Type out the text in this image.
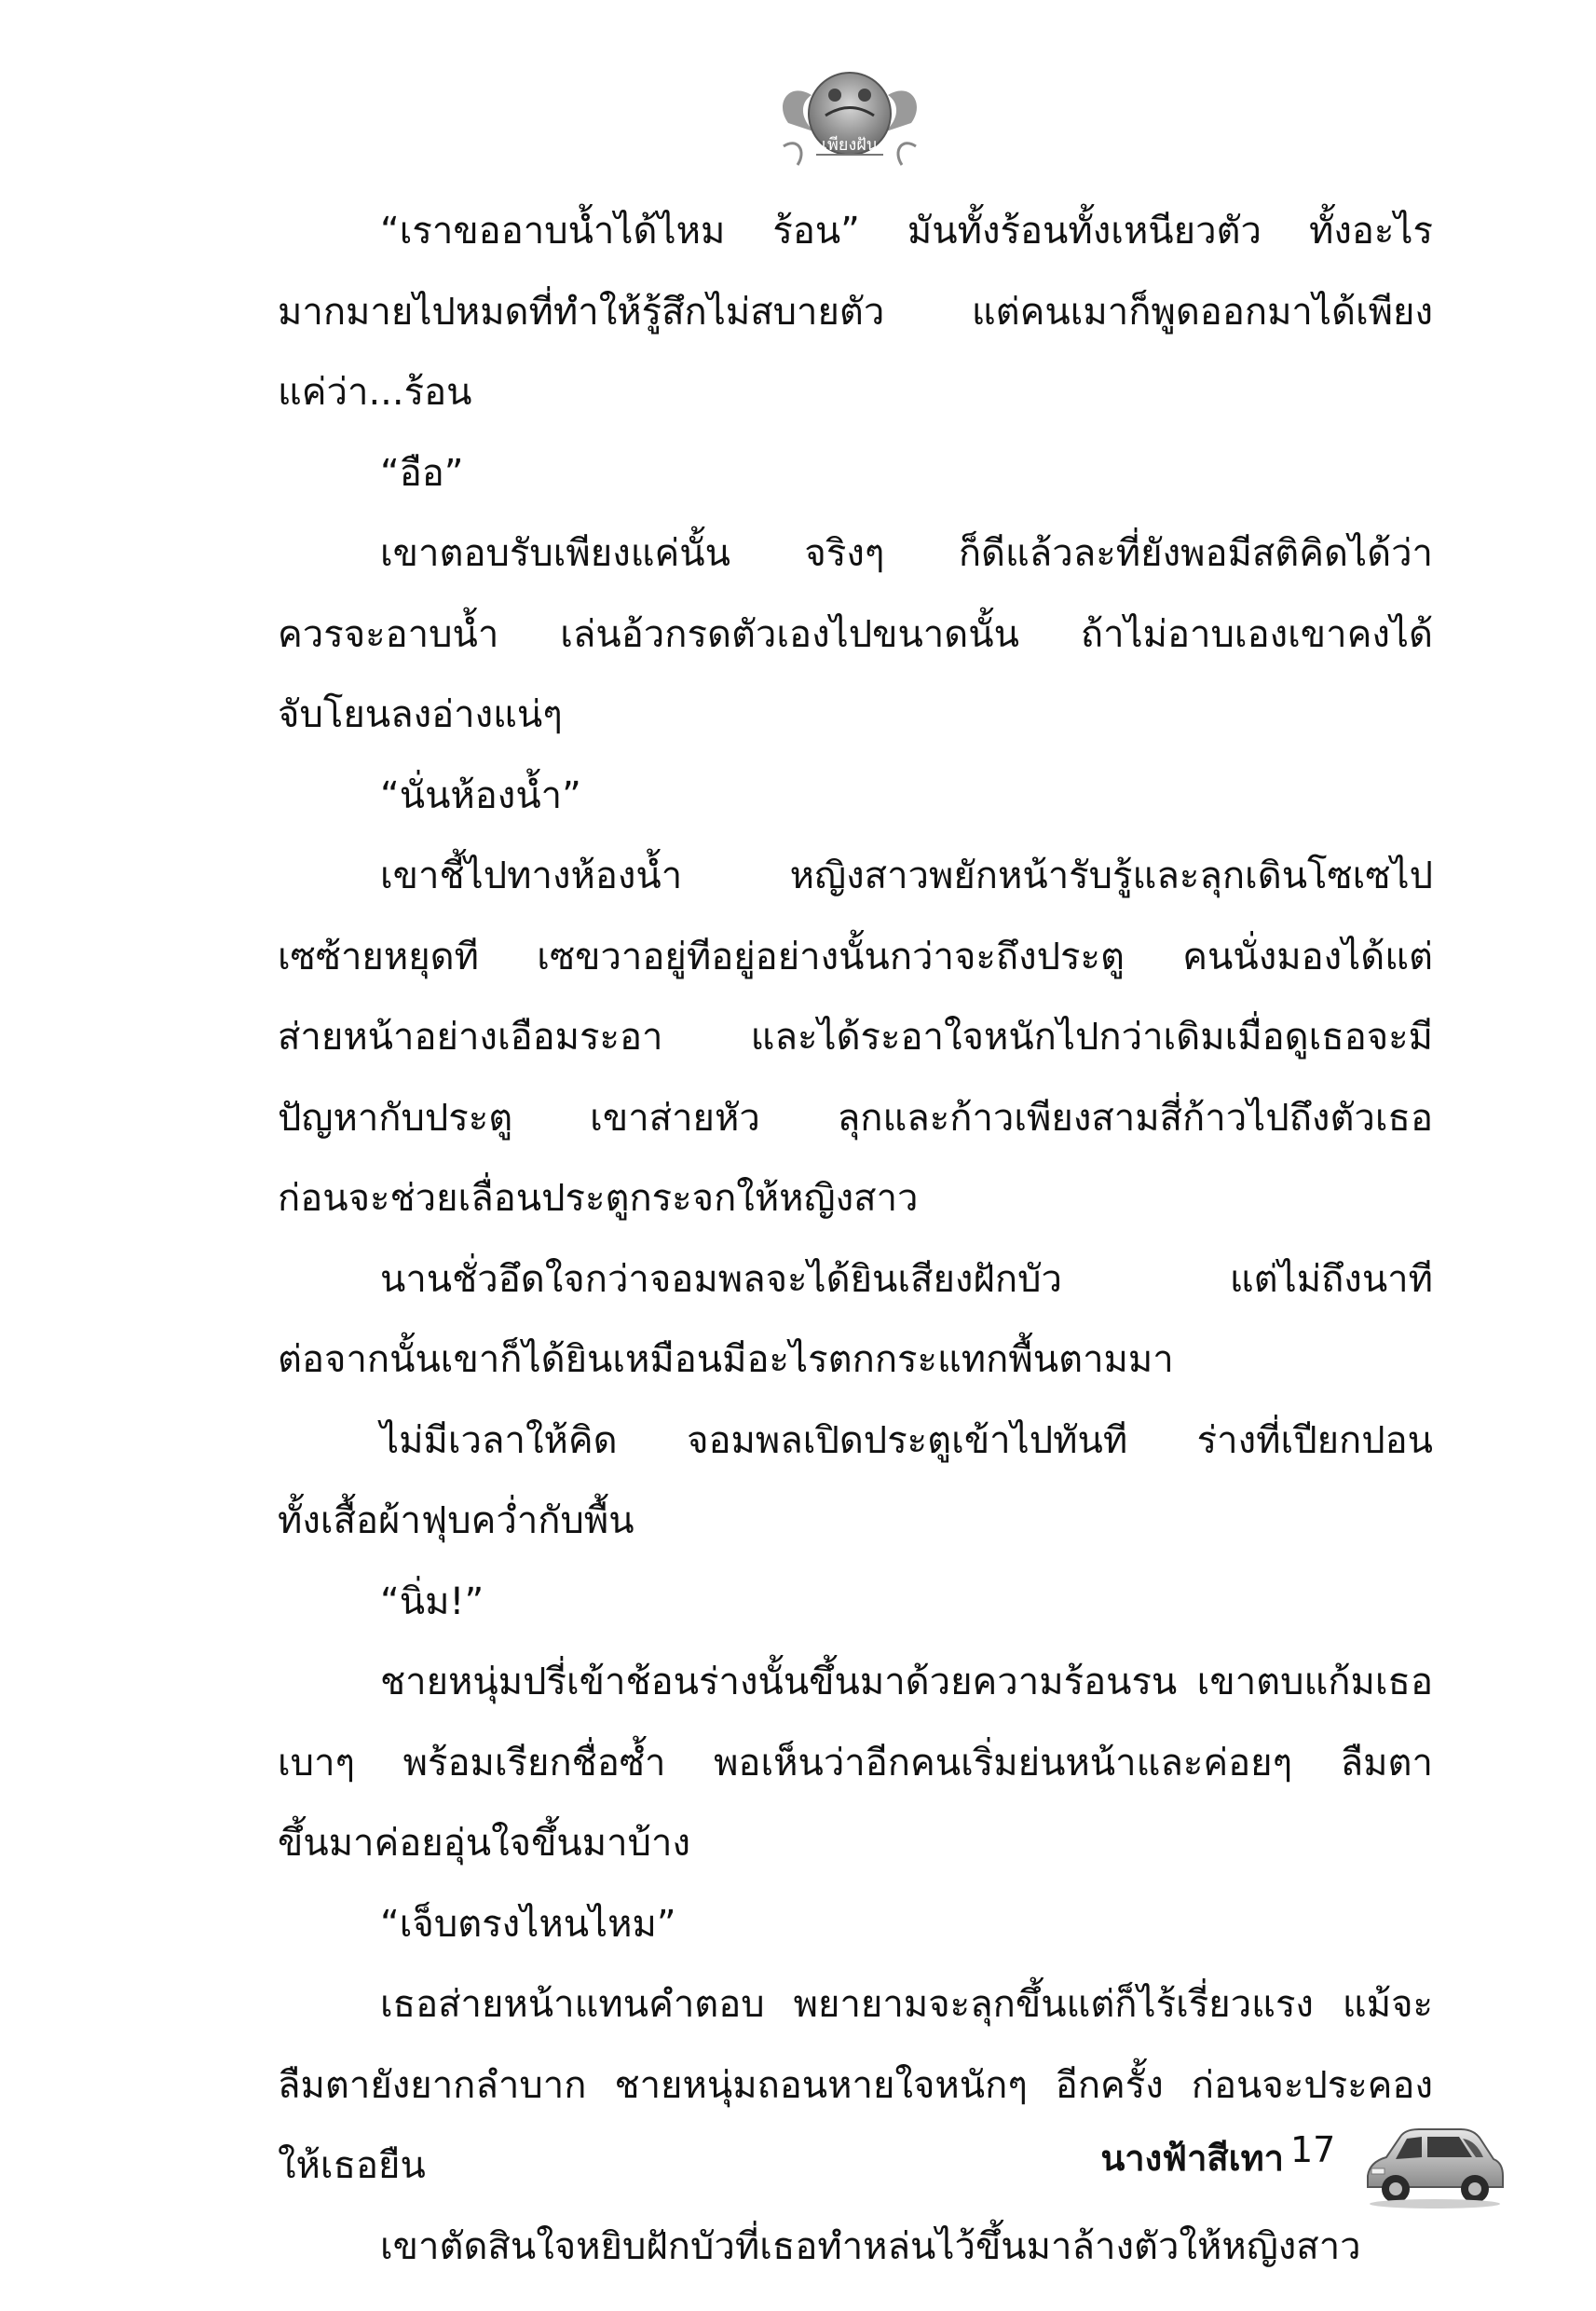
เพียงฝัน
“เราขออาบน้ำได้ไหม ร้อน” มันทั้งร้อนทั้งเหนียวตัว ทั้งอะไร
มากมายไปหมดที่ทำให้รู้สึกไม่สบายตัว แต่คนเมาก็พูดออกมาได้เพียง
แค่ว่า...ร้อน
“อือ”
เขาตอบรับเพียงแค่นั้น จริงๆ ก็ดีแล้วละที่ยังพอมีสติคิดได้ว่า
ควรจะอาบน้ำ เล่นอ้วกรดตัวเองไปขนาดนั้น ถ้าไม่อาบเองเขาคงได้
จับโยนลงอ่างแน่ๆ
“นั่นห้องน้ำ”
เขาชี้ไปทางห้องน้ำ หญิงสาวพยักหน้ารับรู้และลุกเดินโซเซไป
เซซ้ายหยุดที เซขวาอยู่ทีอยู่อย่างนั้นกว่าจะถึงประตู คนนั่งมองได้แต่
ส่ายหน้าอย่างเอือมระอา และได้ระอาใจหนักไปกว่าเดิมเมื่อดูเธอจะมี
ปัญหากับประตู เขาส่ายหัว ลุกและก้าวเพียงสามสี่ก้าวไปถึงตัวเธอ
ก่อนจะช่วยเลื่อนประตูกระจกให้หญิงสาว
นานชั่วอึดใจกว่าจอมพลจะได้ยินเสียงฝักบัว แต่ไม่ถึงนาที
ต่อจากนั้นเขาก็ได้ยินเหมือนมีอะไรตกกระแทกพื้นตามมา
ไม่มีเวลาให้คิด จอมพลเปิดประตูเข้าไปทันที ร่างที่เปียกปอน
ทั้งเสื้อผ้าฟุบคว่ำกับพื้น
“นิ่ม!”
ชายหนุ่มปรี่เข้าช้อนร่างนั้นขึ้นมาด้วยความร้อนรน เขาตบแก้มเธอ
เบาๆ พร้อมเรียกชื่อซ้ำ พอเห็นว่าอีกคนเริ่มย่นหน้าและค่อยๆ ลืมตา
ขึ้นมาค่อยอุ่นใจขึ้นมาบ้าง
“เจ็บตรงไหนไหม”
เธอส่ายหน้าแทนคำตอบ พยายามจะลุกขึ้นแต่ก็ไร้เรี่ยวแรง แม้จะ
ลืมตายังยากลำบาก ชายหนุ่มถอนหายใจหนักๆ อีกครั้ง ก่อนจะประคอง
ให้เธอยืน
เขาตัดสินใจหยิบฝักบัวที่เธอทำหล่นไว้ขึ้นมาล้างตัวให้หญิงสาว
นางฟ้าสีเทา 17
